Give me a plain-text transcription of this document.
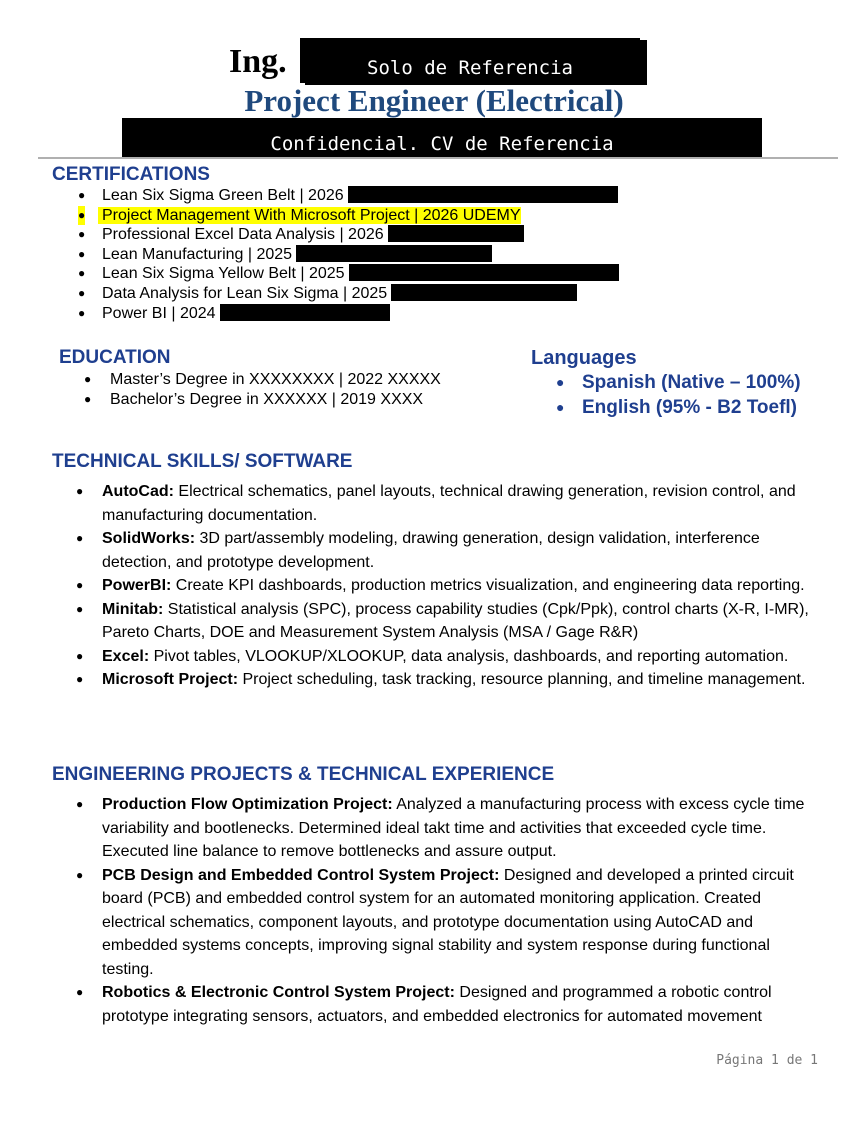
Ing.	Solo de Referencia
Project Engineer (Electrical)
Confidencial. CV de Referencia
CERTIFICATIONS
● Lean Six Sigma Green Belt | 2026
● Project Management With Microsoft Project | 2026 UDEMY
● Professional Excel Data Analysis | 2026
● Lean Manufacturing | 2025
● Lean Six Sigma Yellow Belt | 2025
● Data Analysis for Lean Six Sigma | 2025
● Power BI | 2024
EDUCATION
● Master’s Degree in XXXXXXXX | 2022 XXXXX
● Bachelor’s Degree in XXXXXX | 2019 XXXX
Languages
● Spanish (Native – 100%)
● English (95% - B2 Toefl)
TECHNICAL SKILLS/ SOFTWARE
● AutoCad: Electrical schematics, panel layouts, technical drawing generation, revision control, and manufacturing documentation.
● SolidWorks: 3D part/assembly modeling, drawing generation, design validation, interference detection, and prototype development.
● PowerBI: Create KPI dashboards, production metrics visualization, and engineering data reporting.
● Minitab: Statistical analysis (SPC), process capability studies (Cpk/Ppk), control charts (X-R, I-MR), Pareto Charts, DOE and Measurement System Analysis (MSA / Gage R&R)
● Excel: Pivot tables, VLOOKUP/XLOOKUP, data analysis, dashboards, and reporting automation.
● Microsoft Project: Project scheduling, task tracking, resource planning, and timeline management.
ENGINEERING PROJECTS & TECHNICAL EXPERIENCE
● Production Flow Optimization Project: Analyzed a manufacturing process with excess cycle time variability and bootlenecks. Determined ideal takt time and activities that exceeded cycle time. Executed line balance to remove bottlenecks and assure output.
● PCB Design and Embedded Control System Project: Designed and developed a printed circuit board (PCB) and embedded control system for an automated monitoring application. Created electrical schematics, component layouts, and prototype documentation using AutoCAD and embedded systems concepts, improving signal stability and system response during functional testing.
● Robotics & Electronic Control System Project: Designed and programmed a robotic control prototype integrating sensors, actuators, and embedded electronics for automated movement
Página 1 de 1
